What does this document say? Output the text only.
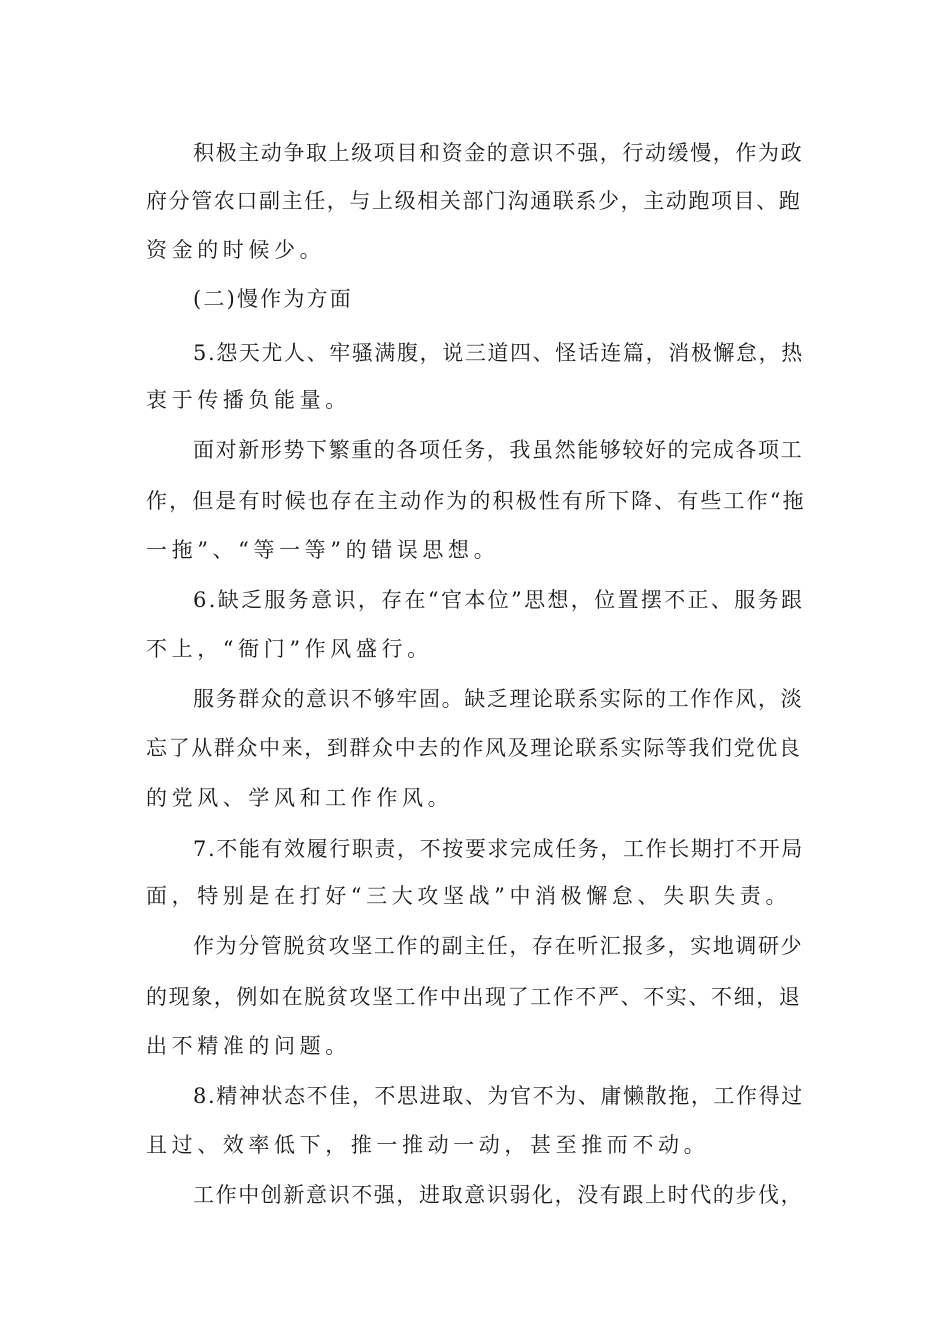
积极主动争取上级项目和资金的意识不强，行动缓慢，作为政
府分管农口副主任，与上级相关部门沟通联系少，主动跑项目、跑
资金的时候少。
(二)慢作为方面
5.怨天尤人、牢骚满腹，说三道四、怪话连篇，消极懈怠，热
衷于传播负能量。
面对新形势下繁重的各项任务，我虽然能够较好的完成各项工
作，但是有时候也存在主动作为的积极性有所下降、有些工作“拖
一拖”、“等一等”的错误思想。
6.缺乏服务意识，存在“官本位”思想，位置摆不正、服务跟
不上，“衙门”作风盛行。
服务群众的意识不够牢固。缺乏理论联系实际的工作作风，淡
忘了从群众中来，到群众中去的作风及理论联系实际等我们党优良
的党风、学风和工作作风。
7.不能有效履行职责，不按要求完成任务，工作长期打不开局
面，特别是在打好“三大攻坚战”中消极懈怠、失职失责。
作为分管脱贫攻坚工作的副主任，存在听汇报多，实地调研少
的现象，例如在脱贫攻坚工作中出现了工作不严、不实、不细，退
出不精准的问题。
8.精神状态不佳，不思进取、为官不为、庸懒散拖，工作得过
且过、效率低下，推一推动一动，甚至推而不动。
工作中创新意识不强，进取意识弱化，没有跟上时代的步伐，
